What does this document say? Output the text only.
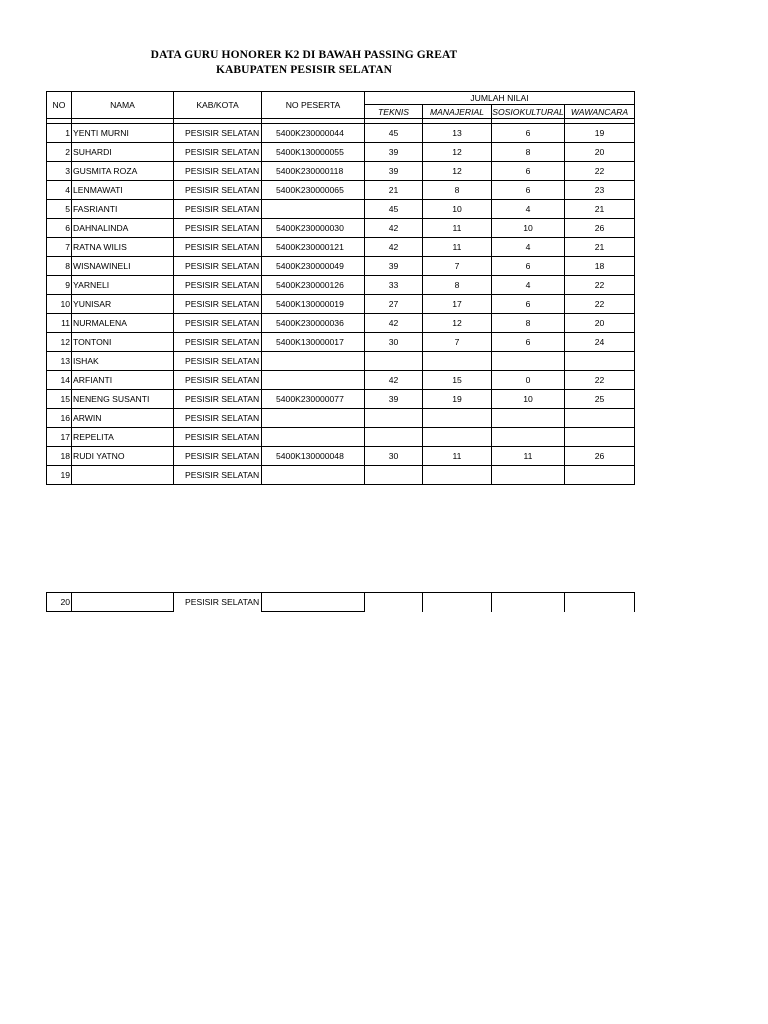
DATA GURU HONORER K2 DI BAWAH PASSING GREAT
KABUPATEN PESISIR SELATAN
NO	NAMA	KAB/KOTA	NO PESERTA	JUMLAH NILAI			
				TEKNIS	MANAJERIAL	SOSIOKULTURAL	WAWANCARA

1	YENTI MURNI	PESISIR SELATAN	5400K230000044	45	13	6	19
2	SUHARDI	PESISIR SELATAN	5400K130000055	39	12	8	20
3	GUSMITA ROZA	PESISIR SELATAN	5400K230000118	39	12	6	22
4	LENMAWATI	PESISIR SELATAN	5400K230000065	21	8	6	23
5	FASRIANTI	PESISIR SELATAN		45	10	4	21
6	DAHNALINDA	PESISIR SELATAN	5400K230000030	42	11	10	26
7	RATNA WILIS	PESISIR SELATAN	5400K230000121	42	11	4	21
8	WISNAWINELI	PESISIR SELATAN	5400K230000049	39	7	6	18
9	YARNELI	PESISIR SELATAN	5400K230000126	33	8	4	22
10	YUNISAR	PESISIR SELATAN	5400K130000019	27	17	6	22
11	NURMALENA	PESISIR SELATAN	5400K230000036	42	12	8	20
12	TONTONI	PESISIR SELATAN	5400K130000017	30	7	6	24
13	ISHAK	PESISIR SELATAN					
14	ARFIANTI	PESISIR SELATAN		42	15	0	22
15	NENENG SUSANTI	PESISIR SELATAN	5400K230000077	39	19	10	25
16	ARWIN	PESISIR SELATAN					
17	REPELITA	PESISIR SELATAN					
18	RUDI YATNO	PESISIR SELATAN	5400K130000048	30	11	11	26
19		PESISIR SELATAN					
20		PESISIR SELATAN					
